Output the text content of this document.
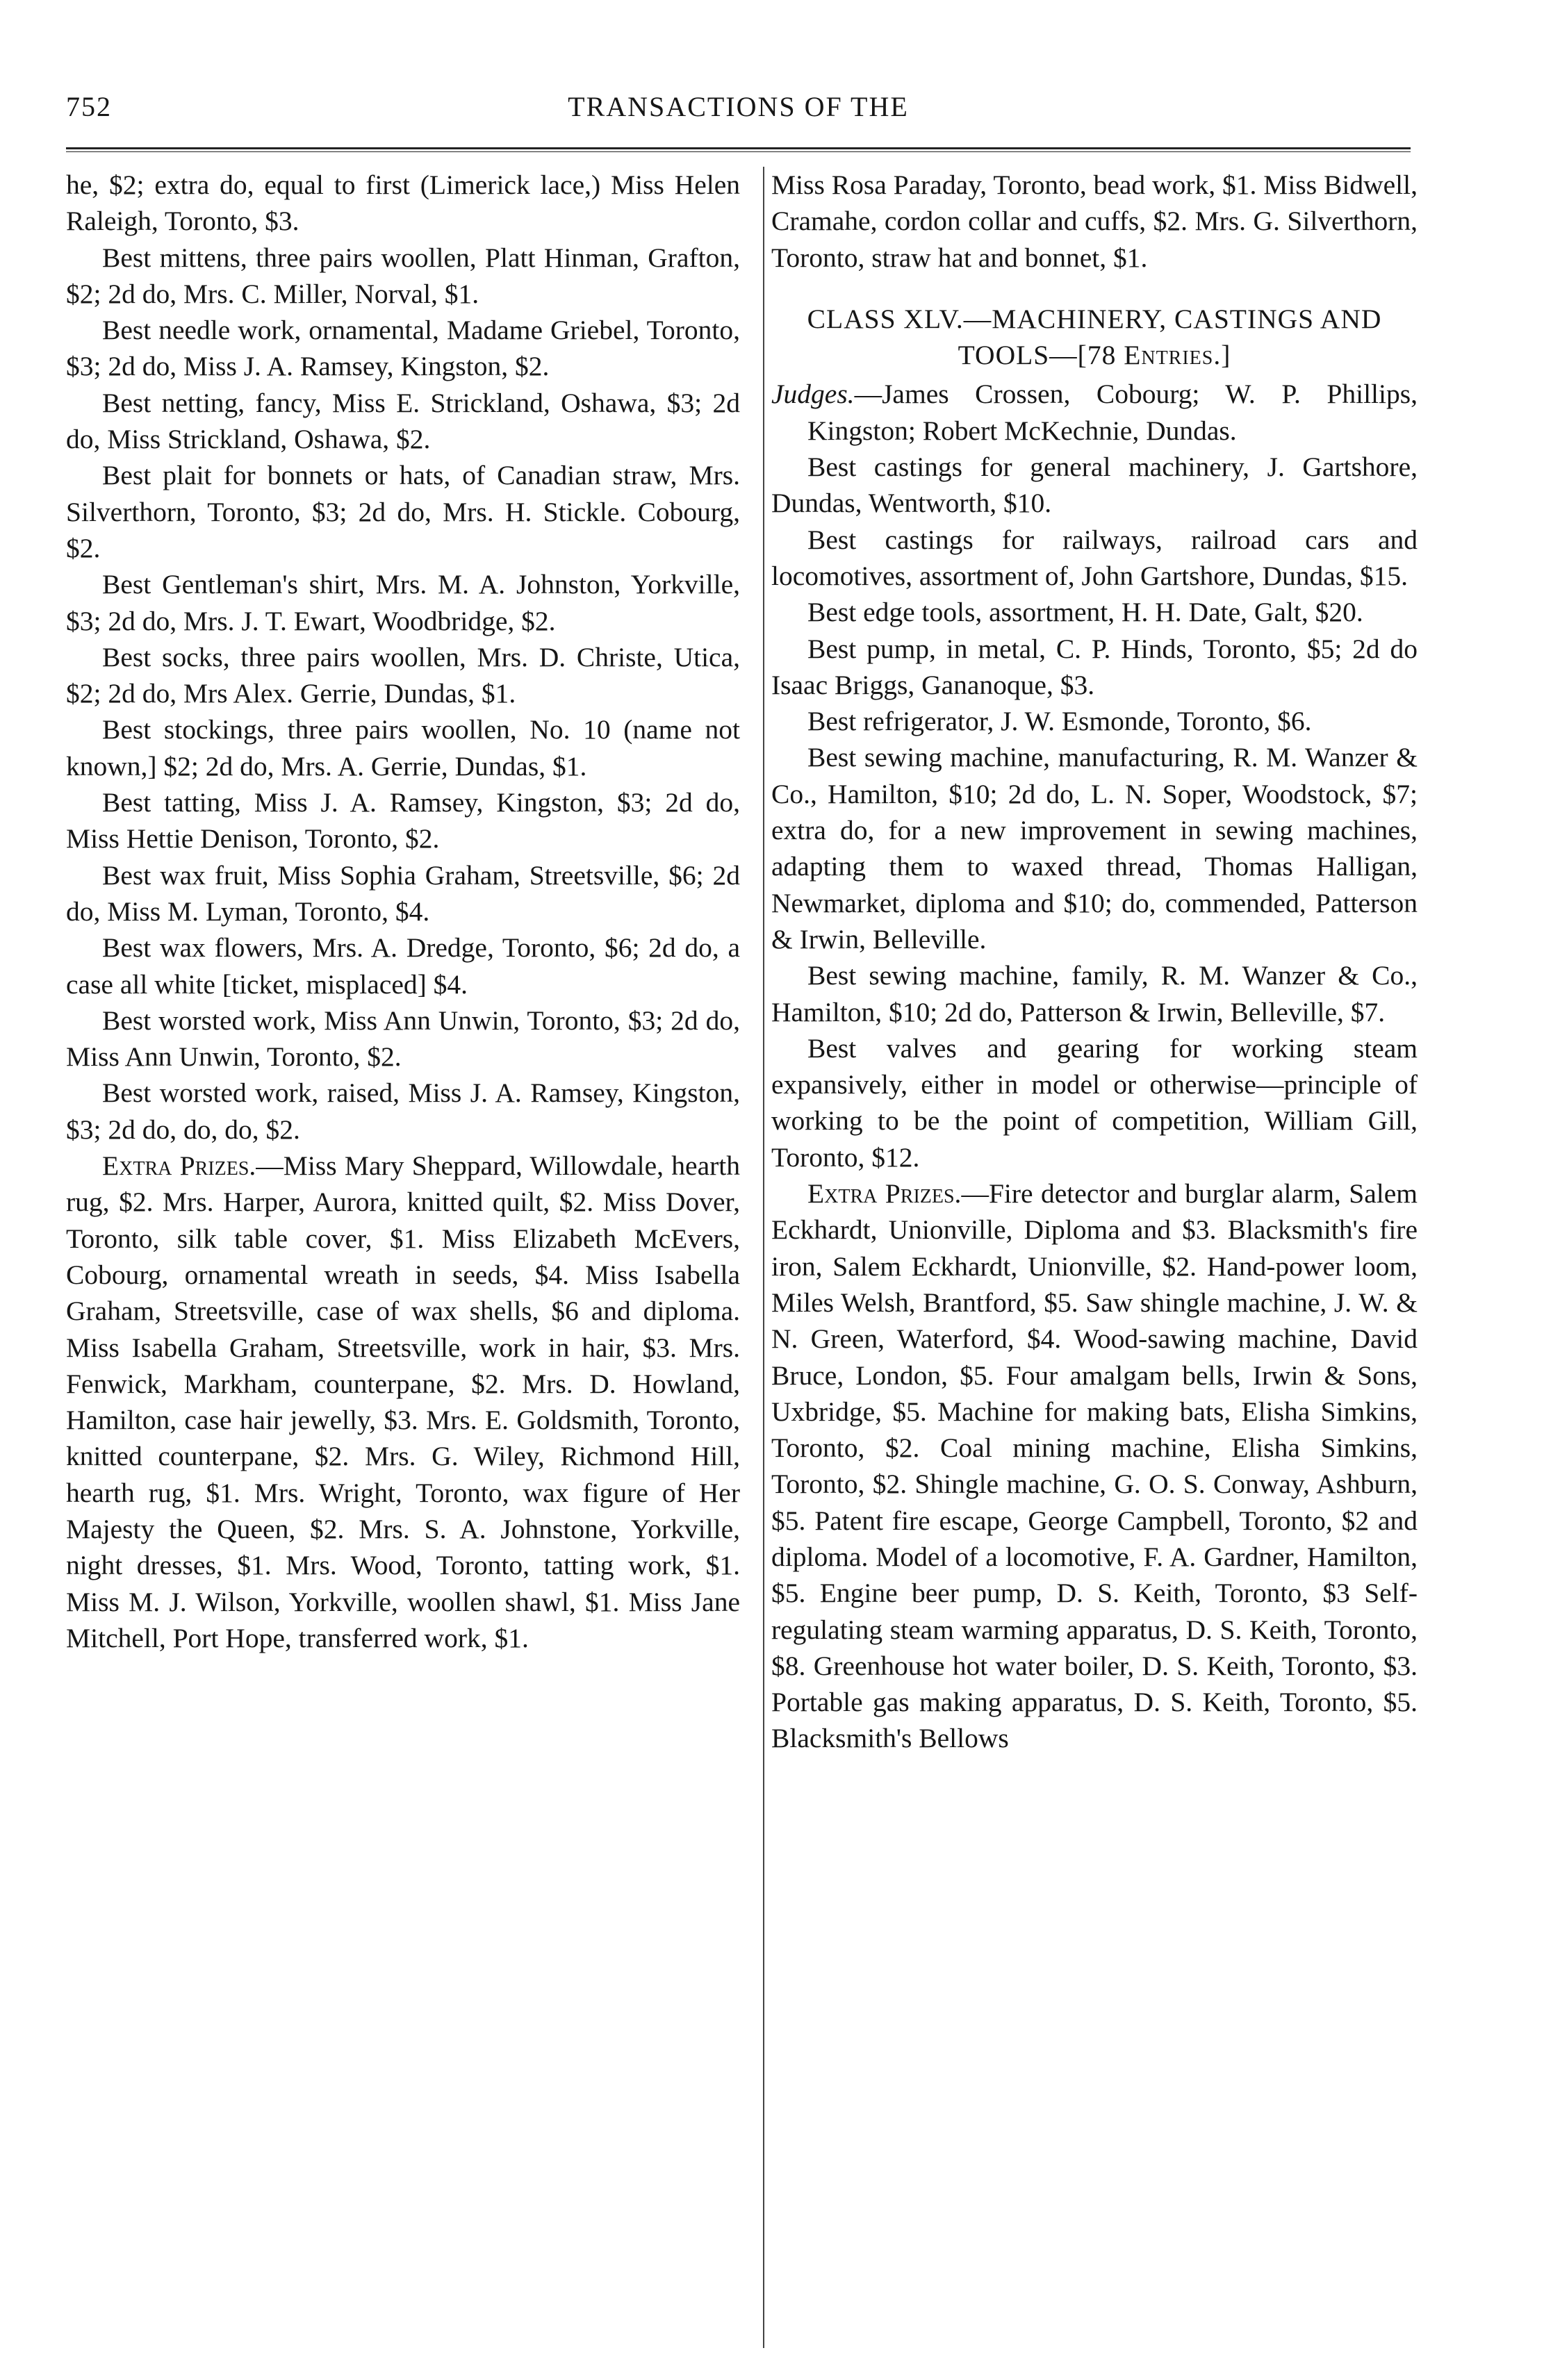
752	TRANSACTIONS OF THE

he, $2; extra do, equal to first (Limerick lace,) Miss Helen Raleigh, Toronto, $3.

Best mittens, three pairs woollen, Platt Hinman, Grafton, $2; 2d do, Mrs. C. Miller, Norval, $1.

Best needle work, ornamental, Madame Griebel, Toronto, $3; 2d do, Miss J. A. Ramsey, Kingston, $2.

Best netting, fancy, Miss E. Strickland, Oshawa, $3; 2d do, Miss Strickland, Oshawa, $2.

Best plait for bonnets or hats, of Canadian straw, Mrs. Silverthorn, Toronto, $3; 2d do, Mrs. H. Stickle. Cobourg, $2.

Best Gentleman's shirt, Mrs. M. A. Johnston, Yorkville, $3; 2d do, Mrs. J. T. Ewart, Woodbridge, $2.

Best socks, three pairs woollen, Mrs. D. Christe, Utica, $2; 2d do, Mrs Alex. Gerrie, Dundas, $1.

Best stockings, three pairs woollen, No. 10 (name not known,] $2; 2d do, Mrs. A. Gerrie, Dundas, $1.

Best tatting, Miss J. A. Ramsey, Kingston, $3; 2d do, Miss Hettie Denison, Toronto, $2.

Best wax fruit, Miss Sophia Graham, Streetsville, $6; 2d do, Miss M. Lyman, Toronto, $4.

Best wax flowers, Mrs. A. Dredge, Toronto, $6; 2d do, a case all white [ticket, misplaced] $4.

Best worsted work, Miss Ann Unwin, Toronto, $3; 2d do, Miss Ann Unwin, Toronto, $2.

Best worsted work, raised, Miss J. A. Ramsey, Kingston, $3; 2d do, do, do, $2.

Extra Prizes.—Miss Mary Sheppard, Willowdale, hearth rug, $2. Mrs. Harper, Aurora, knitted quilt, $2. Miss Dover, Toronto, silk table cover, $1. Miss Elizabeth McEvers, Cobourg, ornamental wreath in seeds, $4. Miss Isabella Graham, Streetsville, case of wax shells, $6 and diploma. Miss Isabella Graham, Streetsville, work in hair, $3. Mrs. Fenwick, Markham, counterpane, $2. Mrs. D. Howland, Hamilton, case hair jewelly, $3. Mrs. E. Goldsmith, Toronto, knitted counterpane, $2. Mrs. G. Wiley, Richmond Hill, hearth rug, $1. Mrs. Wright, Toronto, wax figure of Her Majesty the Queen, $2. Mrs. S. A. Johnstone, Yorkville, night dresses, $1. Mrs. Wood, Toronto, tatting work, $1. Miss M. J. Wilson, Yorkville, woollen shawl, $1. Miss Jane Mitchell, Port Hope, transferred work, $1.

Miss Rosa Paraday, Toronto, bead work, $1. Miss Bidwell, Cramahe, cordon collar and cuffs, $2. Mrs. G. Silverthorn, Toronto, straw hat and bonnet, $1.

CLASS XLV.—MACHINERY, CASTINGS AND TOOLS—[78 Entries.]

Judges.—James Crossen, Cobourg; W. P. Phillips, Kingston; Robert McKechnie, Dundas.

Best castings for general machinery, J. Gartshore, Dundas, Wentworth, $10.

Best castings for railways, railroad cars and locomotives, assortment of, John Gartshore, Dundas, $15.

Best edge tools, assortment, H. H. Date, Galt, $20.

Best pump, in metal, C. P. Hinds, Toronto, $5; 2d do Isaac Briggs, Gananoque, $3.

Best refrigerator, J. W. Esmonde, Toronto, $6.

Best sewing machine, manufacturing, R. M. Wanzer & Co., Hamilton, $10; 2d do, L. N. Soper, Woodstock, $7; extra do, for a new improvement in sewing machines, adapting them to waxed thread, Thomas Halligan, Newmarket, diploma and $10; do, commended, Patterson & Irwin, Belleville.

Best sewing machine, family, R. M. Wanzer & Co., Hamilton, $10; 2d do, Patterson & Irwin, Belleville, $7.

Best valves and gearing for working steam expansively, either in model or otherwise—principle of working to be the point of competition, William Gill, Toronto, $12.

Extra Prizes.—Fire detector and burglar alarm, Salem Eckhardt, Unionville, Diploma and $3. Blacksmith's fire iron, Salem Eckhardt, Unionville, $2. Hand-power loom, Miles Welsh, Brantford, $5. Saw shingle machine, J. W. & N. Green, Waterford, $4. Wood-sawing machine, David Bruce, London, $5. Four amalgam bells, Irwin & Sons, Uxbridge, $5. Machine for making bats, Elisha Simkins, Toronto, $2. Coal mining machine, Elisha Simkins, Toronto, $2. Shingle machine, G. O. S. Conway, Ashburn, $5. Patent fire escape, George Campbell, Toronto, $2 and diploma. Model of a locomotive, F. A. Gardner, Hamilton, $5. Engine beer pump, D. S. Keith, Toronto, $3 Self-regulating steam warming apparatus, D. S. Keith, Toronto, $8. Greenhouse hot water boiler, D. S. Keith, Toronto, $3. Portable gas making apparatus, D. S. Keith, Toronto, $5. Blacksmith's Bellows
